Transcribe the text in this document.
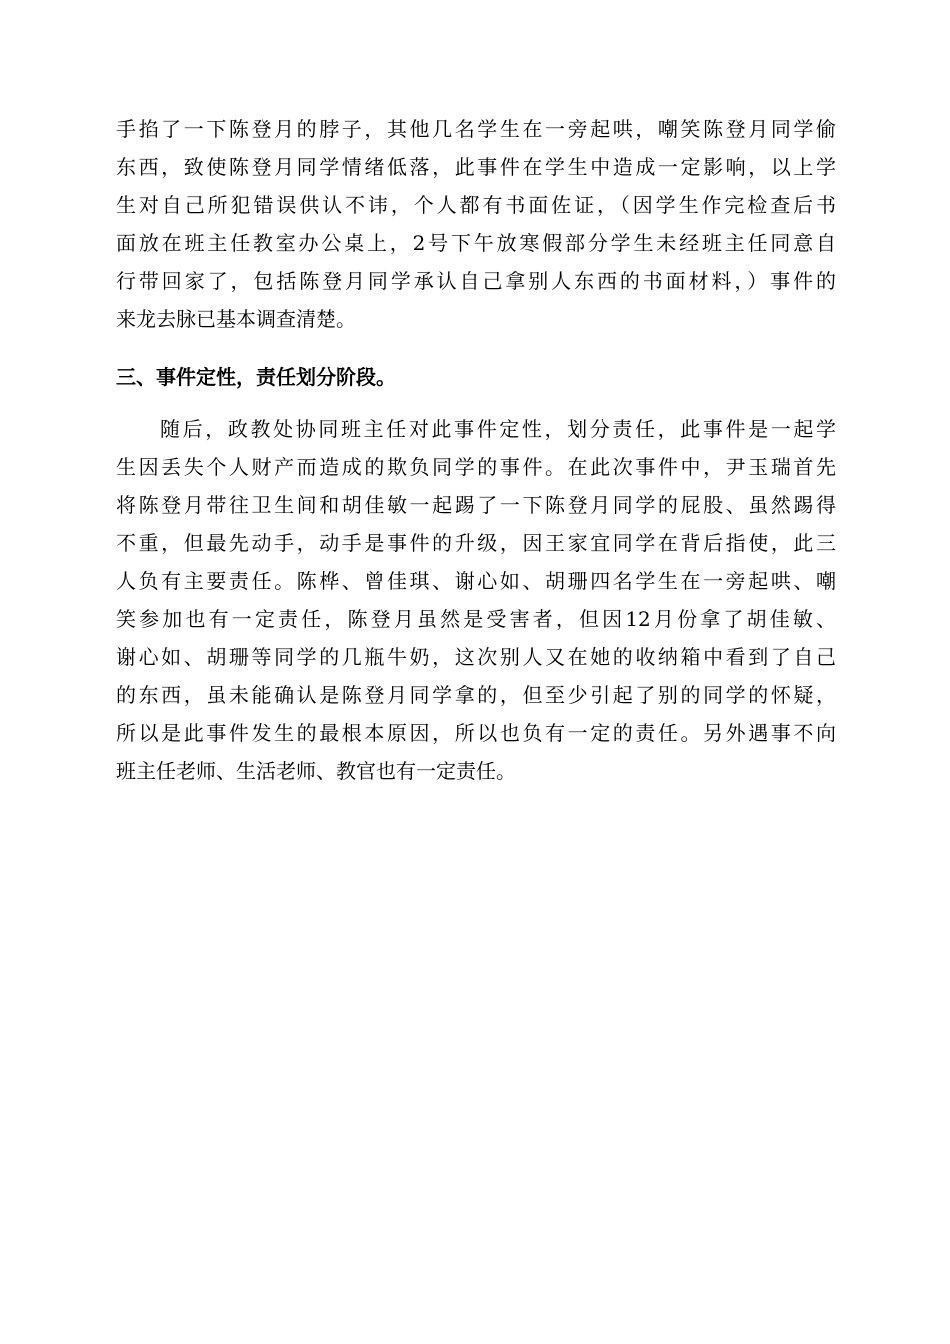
手掐了一下陈登月的脖子，其他几名学生在一旁起哄，嘲笑陈登月同学偷
东西，致使陈登月同学情绪低落，此事件在学生中造成一定影响，以上学
生对自己所犯错误供认不讳，个人都有书面佐证，（因学生作完检查后书
面放在班主任教室办公桌上，2号下午放寒假部分学生未经班主任同意自
行带回家了，包括陈登月同学承认自己拿别人东西的书面材料，）事件的
来龙去脉已基本调查清楚。
三、事件定性，责任划分阶段。
随后，政教处协同班主任对此事件定性，划分责任，此事件是一起学
生因丢失个人财产而造成的欺负同学的事件。在此次事件中，尹玉瑞首先
将陈登月带往卫生间和胡佳敏一起踢了一下陈登月同学的屁股、虽然踢得
不重，但最先动手，动手是事件的升级，因王家宜同学在背后指使，此三
人负有主要责任。陈桦、曾佳琪、谢心如、胡珊四名学生在一旁起哄、嘲
笑参加也有一定责任，陈登月虽然是受害者，但因12月份拿了胡佳敏、
谢心如、胡珊等同学的几瓶牛奶，这次别人又在她的收纳箱中看到了自己
的东西，虽未能确认是陈登月同学拿的，但至少引起了别的同学的怀疑，
所以是此事件发生的最根本原因，所以也负有一定的责任。另外遇事不向
班主任老师、生活老师、教官也有一定责任。
